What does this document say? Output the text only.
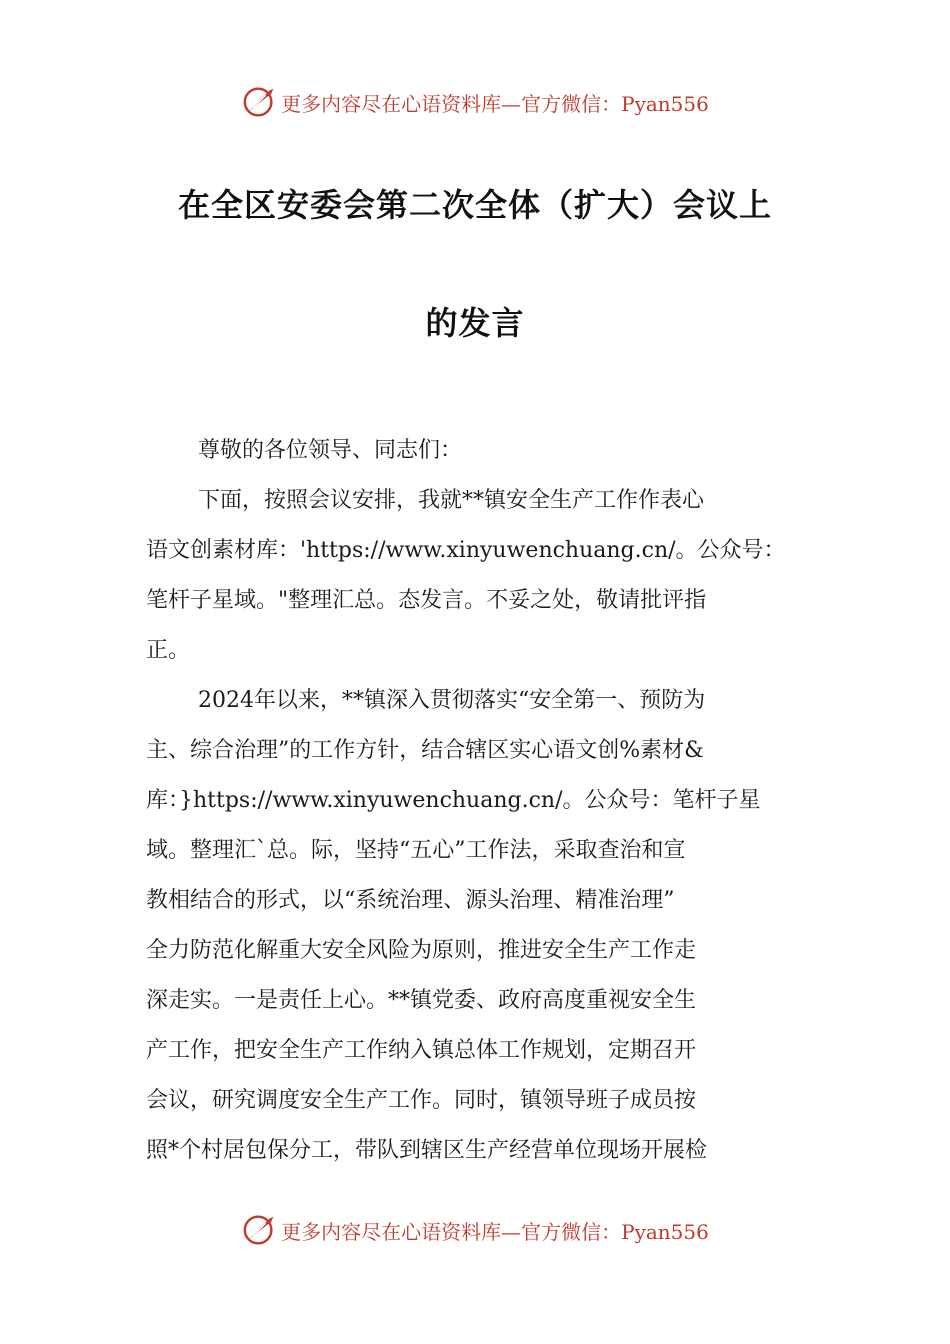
更多内容尽在心语资料库—官方微信：Pyan556
在全区安委会第二次全体（扩大）会议上
的发言
尊敬的各位领导、同志们：
下面，按照会议安排，我就**镇安全生产工作作表心
语文创素材库：'https://www.xinyuwenchuang.cn/。公众号：
笔杆子星域。"整理汇总。态发言。不妥之处，敬请批评指
正。
2024年以来，**镇深入贯彻落实“安全第一、预防为
主、综合治理”的工作方针，结合辖区实心语文创%素材&
库：}https://www.xinyuwenchuang.cn/。公众号：笔杆子星
域。整理汇`总。际，坚持“五心”工作法，采取查治和宣
教相结合的形式，以“系统治理、源头治理、精准治理”
全力防范化解重大安全风险为原则，推进安全生产工作走
深走实。一是责任上心。**镇党委、政府高度重视安全生
产工作，把安全生产工作纳入镇总体工作规划，定期召开
会议，研究调度安全生产工作。同时，镇领导班子成员按
照*个村居包保分工，带队到辖区生产经营单位现场开展检
更多内容尽在心语资料库—官方微信：Pyan556
